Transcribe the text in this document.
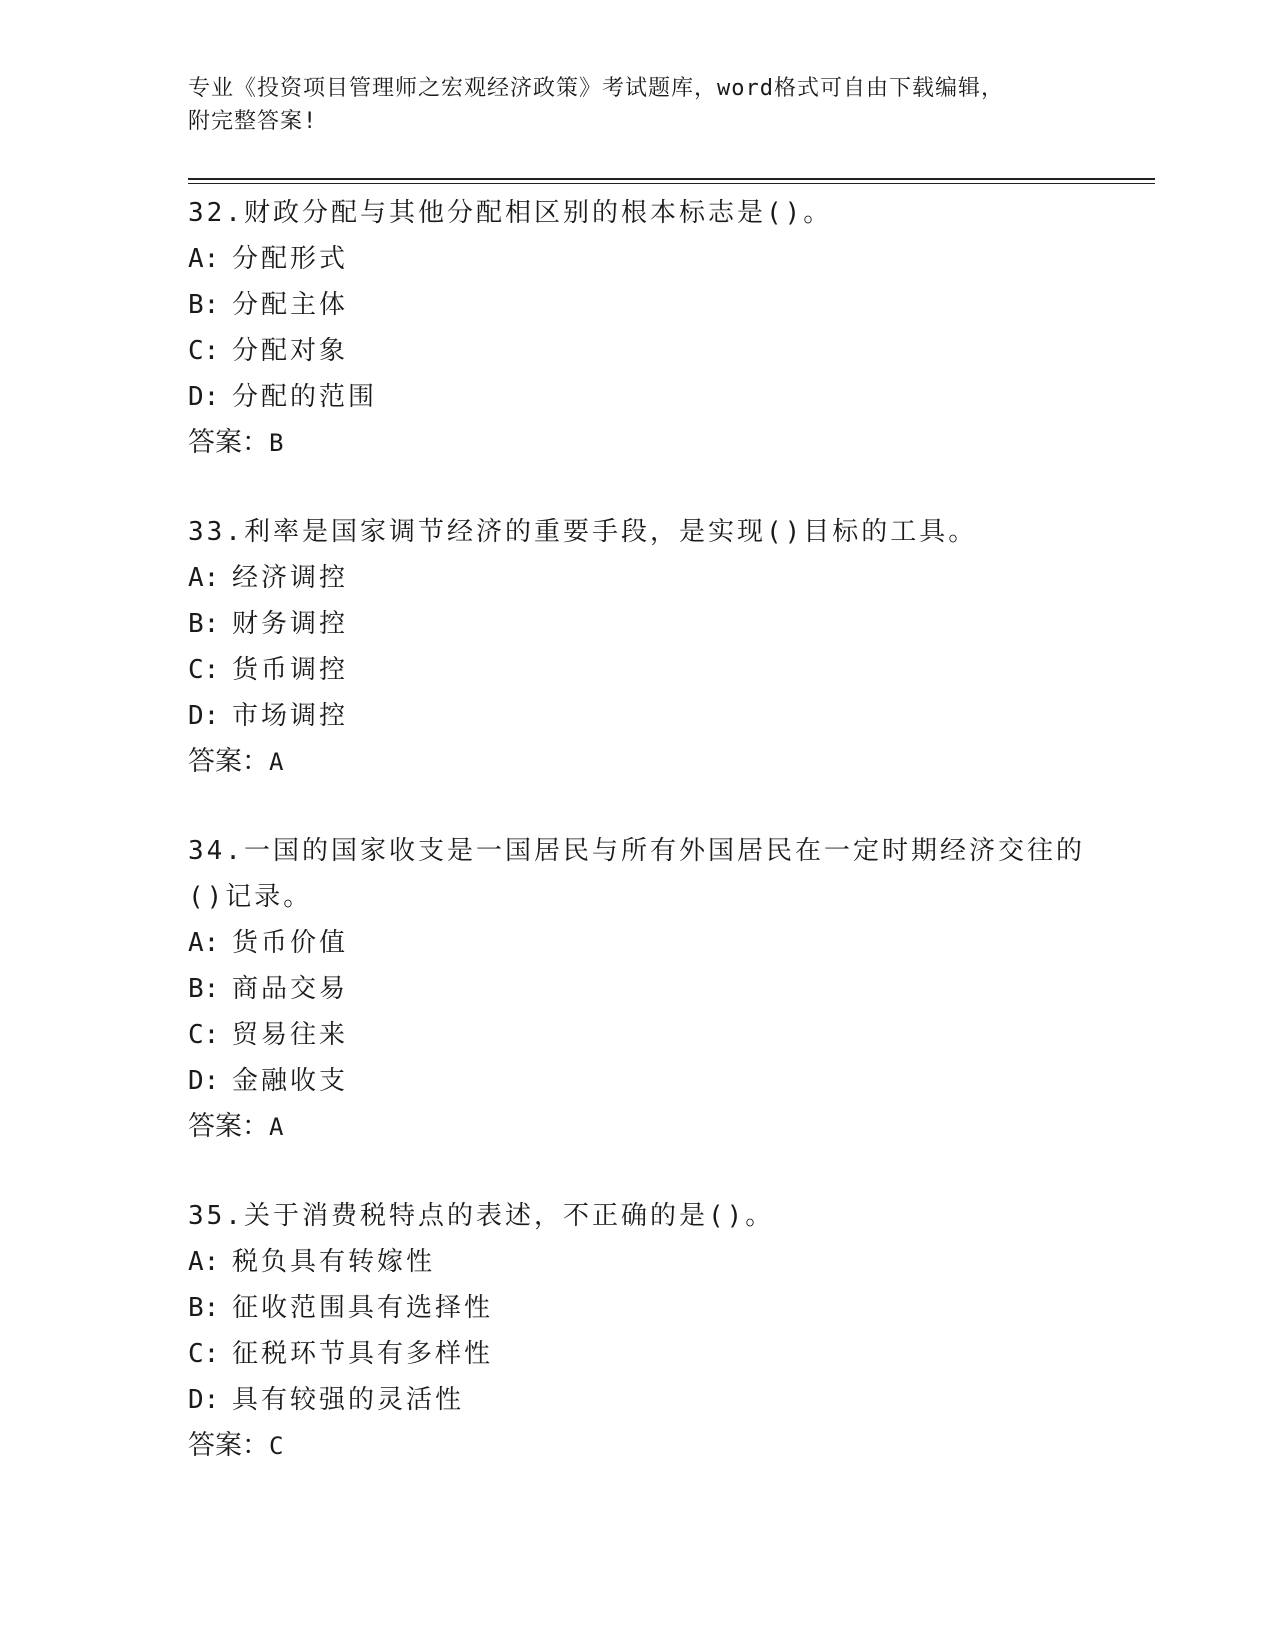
专业《投资项目管理师之宏观经济政策》考试题库，word格式可自由下载编辑，
附完整答案!
32.财政分配与其他分配相区别的根本标志是()。
A: 分配形式
B: 分配主体
C: 分配对象
D: 分配的范围
答案：B
33.利率是国家调节经济的重要手段，是实现()目标的工具。
A: 经济调控
B: 财务调控
C: 货币调控
D: 市场调控
答案：A
34.一国的国家收支是一国居民与所有外国居民在一定时期经济交往的
()记录。
A: 货币价值
B: 商品交易
C: 贸易往来
D: 金融收支
答案：A
35.关于消费税特点的表述，不正确的是()。
A: 税负具有转嫁性
B: 征收范围具有选择性
C: 征税环节具有多样性
D: 具有较强的灵活性
答案：C
